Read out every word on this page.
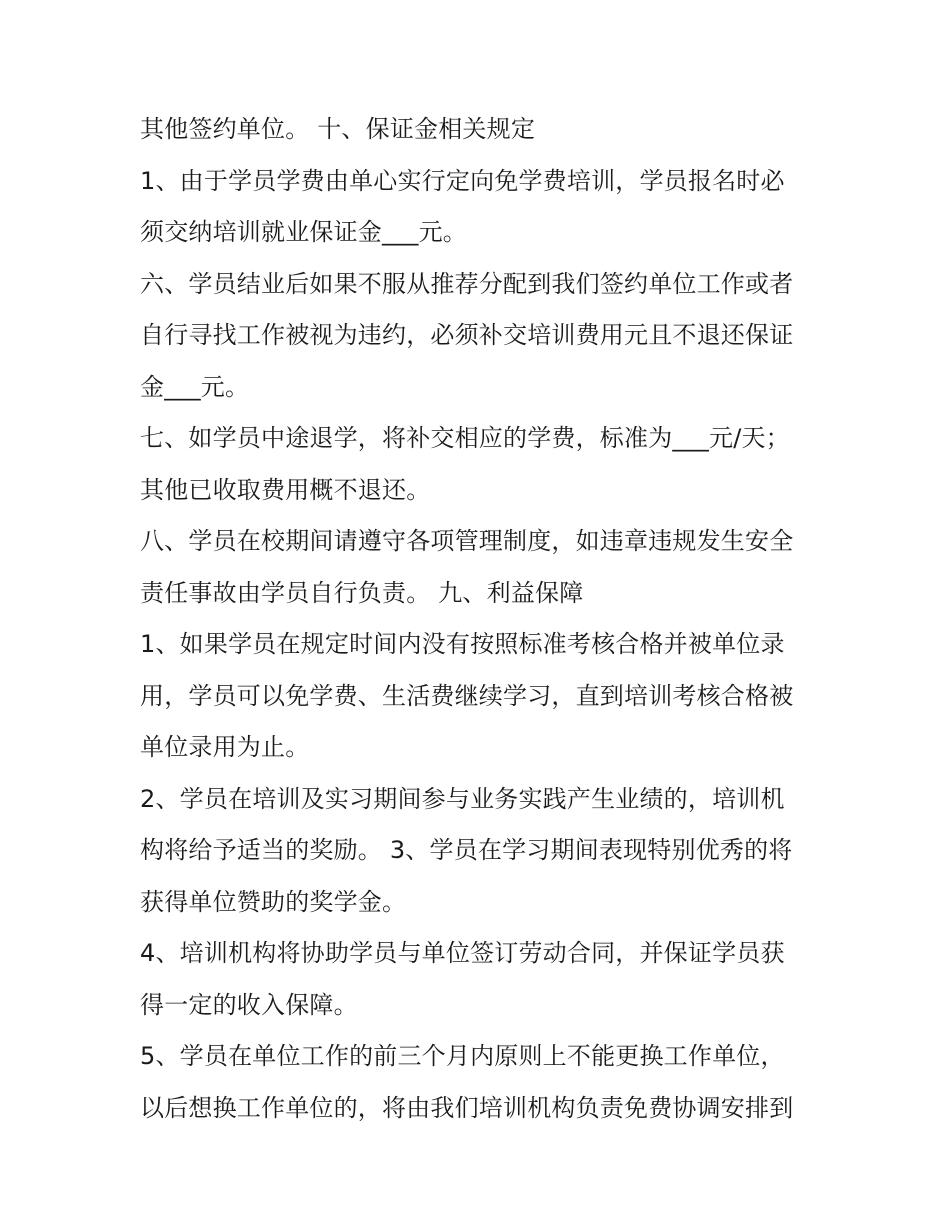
其他签约单位。 十、保证金相关规定
1、由于学员学费由单心实行定向免学费培训，学员报名时必
须交纳培训就业保证金___元。
六、学员结业后如果不服从推荐分配到我们签约单位工作或者
自行寻找工作被视为违约，必须补交培训费用元且不退还保证
金___元。
七、如学员中途退学，将补交相应的学费，标准为___元/天；
其他已收取费用概不退还。
八、学员在校期间请遵守各项管理制度，如违章违规发生安全
责任事故由学员自行负责。 九、利益保障
1、如果学员在规定时间内没有按照标准考核合格并被单位录
用，学员可以免学费、生活费继续学习，直到培训考核合格被
单位录用为止。
2、学员在培训及实习期间参与业务实践产生业绩的，培训机
构将给予适当的奖励。 3、学员在学习期间表现特别优秀的将
获得单位赞助的奖学金。
4、培训机构将协助学员与单位签订劳动合同，并保证学员获
得一定的收入保障。
5、学员在单位工作的前三个月内原则上不能更换工作单位，
以后想换工作单位的，将由我们培训机构负责免费协调安排到
